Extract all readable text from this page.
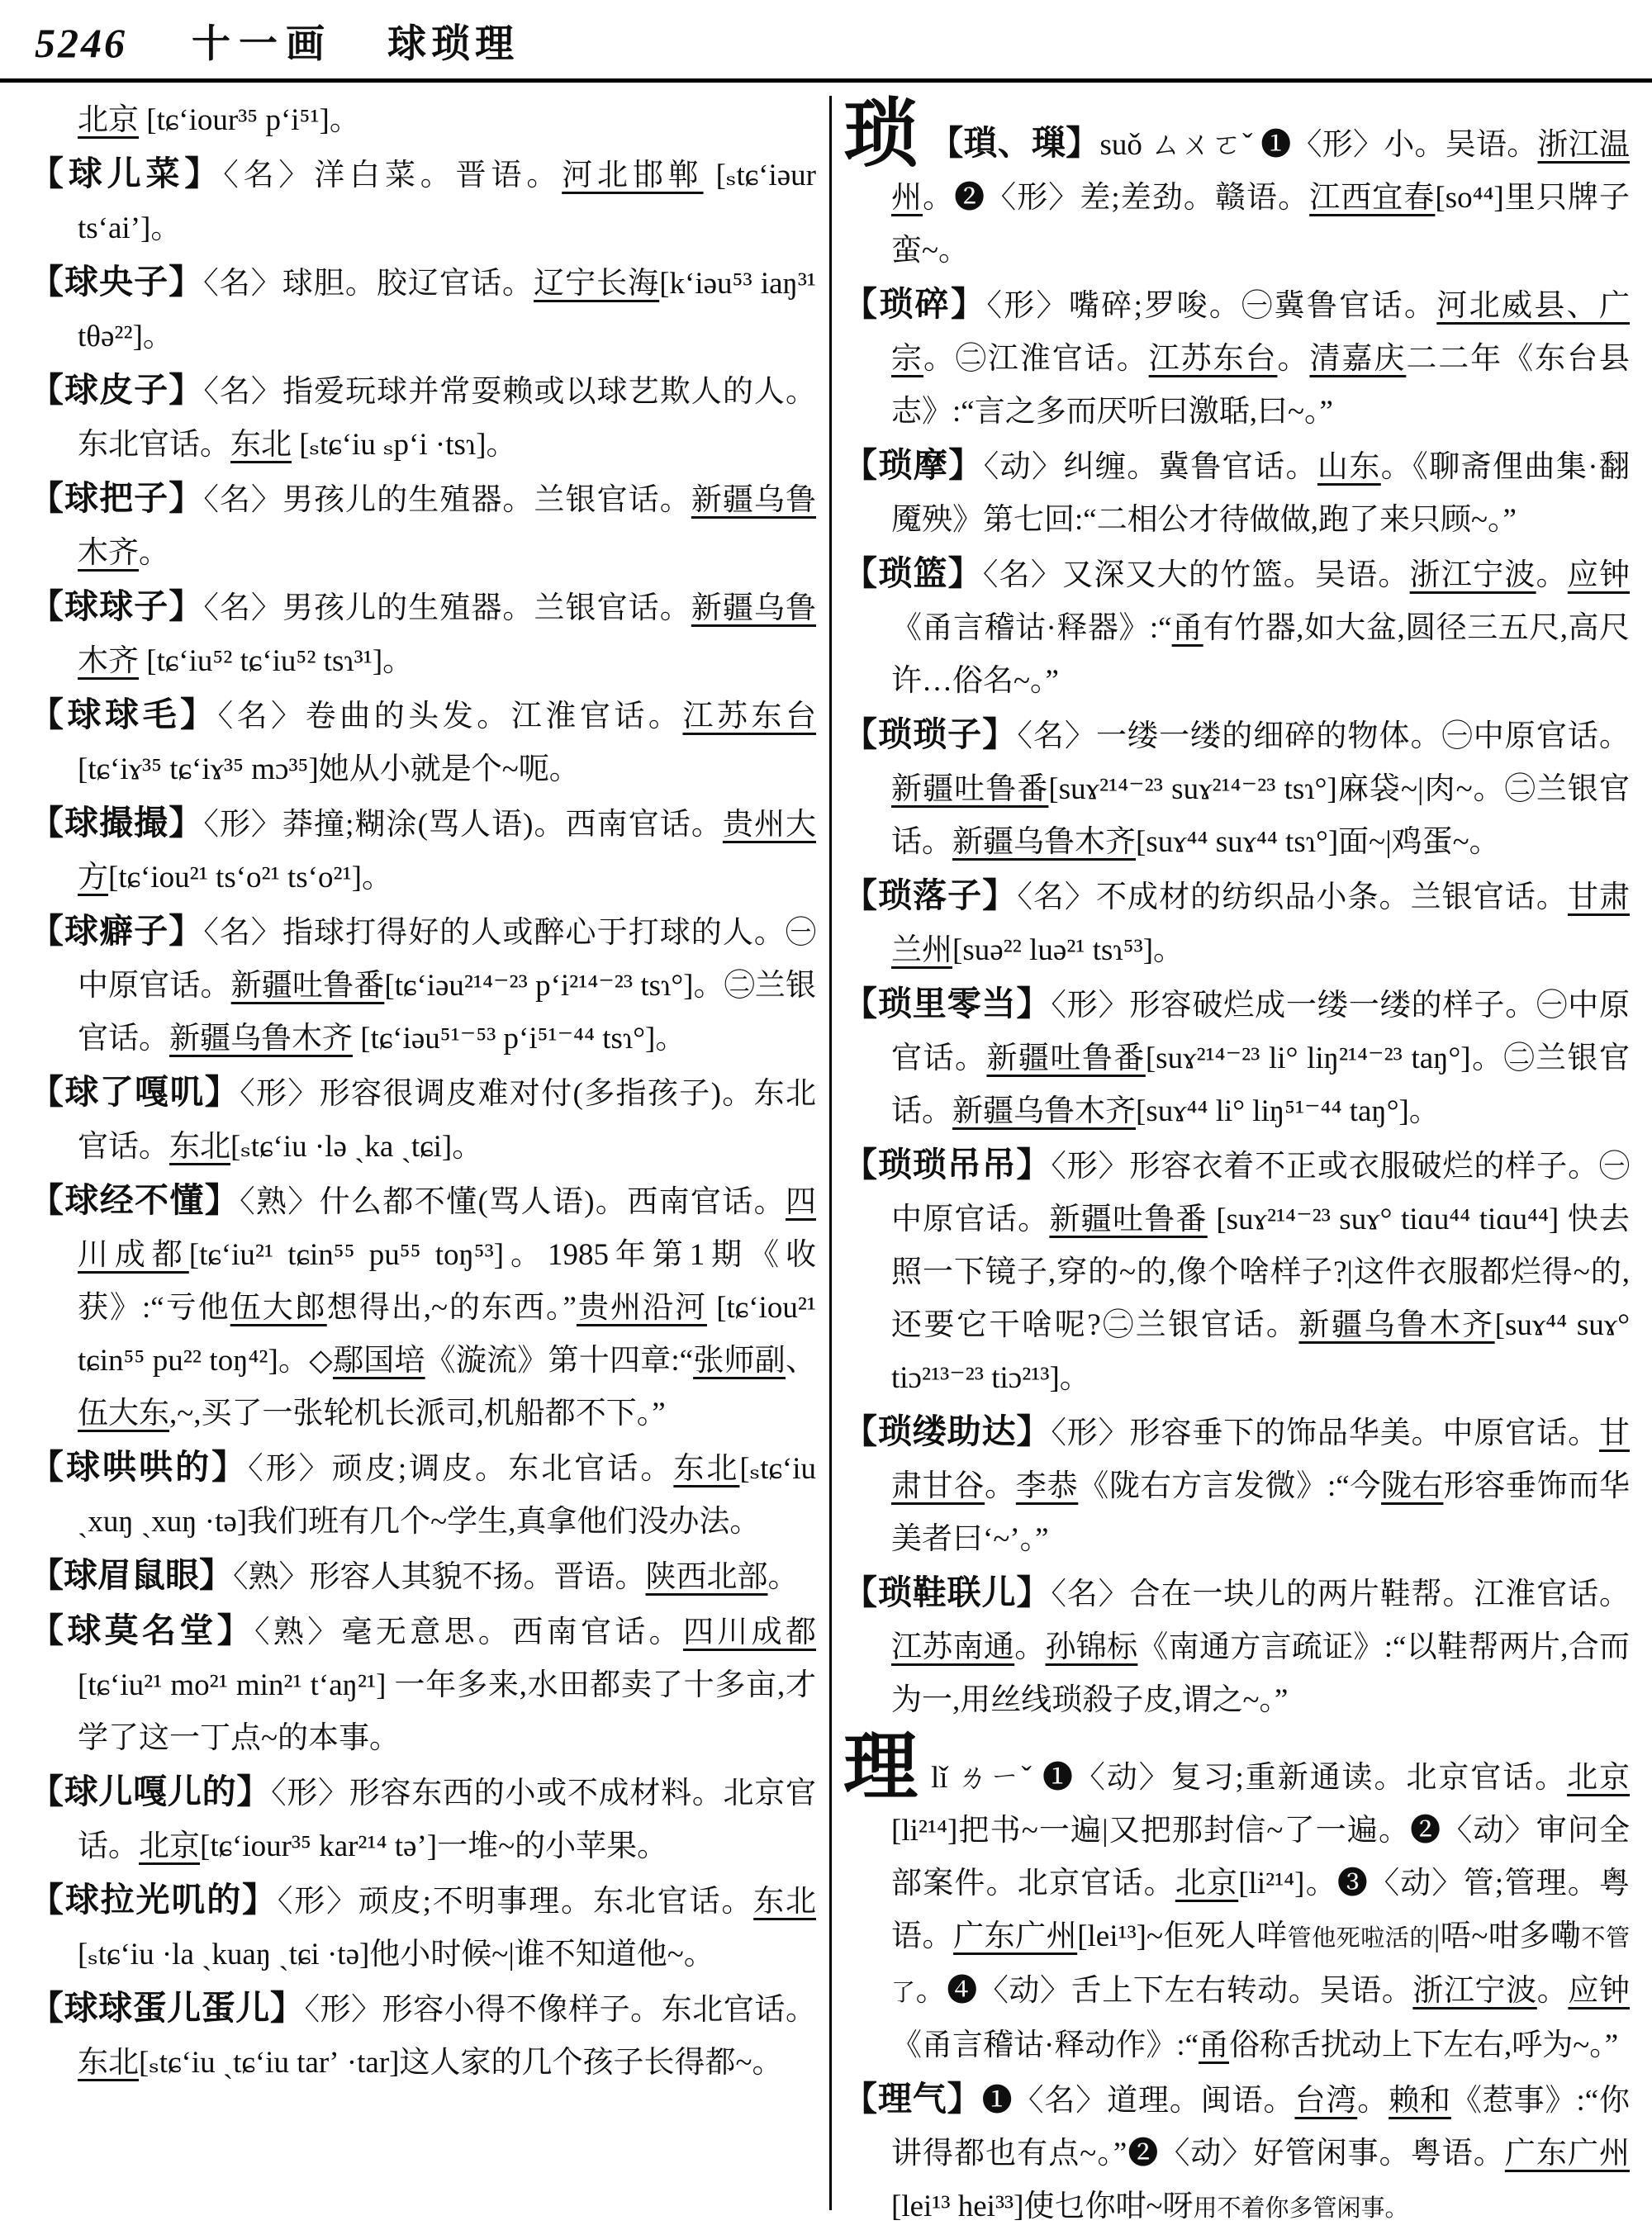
5246 十一画 球琐理

北京 [tɕ‘iour³⁵ p‘i⁵¹]。

【球儿菜】〈名〉洋白菜。晋语。河北邯郸 [ₛtɕ‘iəur ts‘aiʼ]。

【球央子】〈名〉球胆。胶辽官话。辽宁长海[k‘iəu⁵³ iaŋ³¹ tθə²²]。

【球皮子】〈名〉指爱玩球并常耍赖或以球艺欺人的人。东北官话。东北 [ₛtɕ‘iu ₛp‘i ·tsɿ]。

【球把子】〈名〉男孩儿的生殖器。兰银官话。新疆乌鲁木齐。

【球球子】〈名〉男孩儿的生殖器。兰银官话。新疆乌鲁木齐 [tɕ‘iu⁵² tɕ‘iu⁵² tsɿ³¹]。

【球球毛】〈名〉卷曲的头发。江淮官话。江苏东台 [tɕ‘iɤ³⁵ tɕ‘iɤ³⁵ mɔ³⁵]她从小就是个~呃。

【球撮撮】〈形〉莽撞;糊涂(骂人语)。西南官话。贵州大方[tɕ‘iou²¹ ts‘o²¹ ts‘o²¹]。

【球癖子】〈名〉指球打得好的人或醉心于打球的人。㊀中原官话。新疆吐鲁番[tɕ‘iəu²¹⁴⁻²³ p‘i²¹⁴⁻²³ tsɿ°]。㊁兰银官话。新疆乌鲁木齐 [tɕ‘iəu⁵¹⁻⁵³ p‘i⁵¹⁻⁴⁴ tsɿ°]。

【球了嘎叽】〈形〉形容很调皮难对付(多指孩子)。东北官话。东北[ₛtɕ‘iu ·lə ˏka ˏtɕi]。

【球经不懂】〈熟〉什么都不懂(骂人语)。西南官话。四川成都[tɕ‘iu²¹ tɕin⁵⁵ pu⁵⁵ toŋ⁵³]。1985年第1期《收获》:“亏他伍大郎想得出,~的东西。”贵州沿河 [tɕ‘iou²¹ tɕin⁵⁵ pu²² toŋ⁴²]。◇鄢国培《漩流》第十四章:“张师副、伍大东,~,买了一张轮机长派司,机船都不下。”

【球哄哄的】〈形〉顽皮;调皮。东北官话。东北[ₛtɕ‘iu ˏxuŋ ˏxuŋ ·tə]我们班有几个~学生,真拿他们没办法。

【球眉鼠眼】〈熟〉形容人其貌不扬。晋语。陕西北部。

【球莫名堂】〈熟〉毫无意思。西南官话。四川成都 [tɕ‘iu²¹ mo²¹ min²¹ t‘aŋ²¹] 一年多来,水田都卖了十多亩,才学了这一丁点~的本事。

【球儿嘎儿的】〈形〉形容东西的小或不成材料。北京官话。北京[tɕ‘iour³⁵ kar²¹⁴ təʼ]一堆~的小苹果。

【球拉光叽的】〈形〉顽皮;不明事理。东北官话。东北[ₛtɕ‘iu ·la ˏkuaŋ ˏtɕi ·tə]他小时候~|谁不知道他~。

【球球蛋儿蛋儿】〈形〉形容小得不像样子。东北官话。东北[ₛtɕ‘iu ˏtɕ‘iu tarʼ ·tar]这人家的几个孩子长得都~。

琐 【瑣、璅】suǒ ㄙㄨㄛˇ ❶〈形〉小。吴语。浙江温州。❷〈形〉差;差劲。赣语。江西宜春[so⁴⁴]里只牌子蛮~。

【琐碎】〈形〉嘴碎;罗唆。㊀冀鲁官话。河北威县、广宗。㊁江淮官话。江苏东台。清嘉庆二二年《东台县志》:“言之多而厌听曰激聒,曰~。”

【琐摩】〈动〉纠缠。冀鲁官话。山东。《聊斋俚曲集·翻魇殃》第七回:“二相公才待做做,跑了来只顾~。”

【琐篮】〈名〉又深又大的竹篮。吴语。浙江宁波。应钟《甬言稽诂·释器》:“甬有竹器,如大盆,圆径三五尺,高尺许…俗名~。”

【琐琐子】〈名〉一缕一缕的细碎的物体。㊀中原官话。新疆吐鲁番[suɤ²¹⁴⁻²³ suɤ²¹⁴⁻²³ tsɿ°]麻袋~|肉~。㊁兰银官话。新疆乌鲁木齐[suɤ⁴⁴ suɤ⁴⁴ tsɿ°]面~|鸡蛋~。

【琐落子】〈名〉不成材的纺织品小条。兰银官话。甘肃兰州[suə²² luə²¹ tsɿ⁵³]。

【琐里零当】〈形〉形容破烂成一缕一缕的样子。㊀中原官话。新疆吐鲁番[suɤ²¹⁴⁻²³ li° liŋ²¹⁴⁻²³ taŋ°]。㊁兰银官话。新疆乌鲁木齐[suɤ⁴⁴ li° liŋ⁵¹⁻⁴⁴ taŋ°]。

【琐琐吊吊】〈形〉形容衣着不正或衣服破烂的样子。㊀中原官话。新疆吐鲁番 [suɤ²¹⁴⁻²³ suɤ° tiɑu⁴⁴ tiɑu⁴⁴] 快去照一下镜子,穿的~的,像个啥样子?|这件衣服都烂得~的,还要它干啥呢?㊁兰银官话。新疆乌鲁木齐[suɤ⁴⁴ suɤ° tiɔ²¹³⁻²³ tiɔ²¹³]。

【琐缕助达】〈形〉形容垂下的饰品华美。中原官话。甘肃甘谷。李恭《陇右方言发微》:“今陇右形容垂饰而华美者曰‘~’。”

【琐鞋联儿】〈名〉合在一块儿的两片鞋帮。江淮官话。江苏南通。孙锦标《南通方言疏证》:“以鞋帮两片,合而为一,用丝线琐殺子皮,谓之~。”

理lǐ ㄌㄧˇ ❶〈动〉复习;重新通读。北京官话。北京[li²¹⁴]把书~一遍|又把那封信~了一遍。❷〈动〉审问全部案件。北京官话。北京[li²¹⁴]。❸〈动〉管;管理。粤语。广东广州[lei¹³]~佢死人咩管他死啦活的|唔~咁多嘞不管了。❹〈动〉舌上下左右转动。吴语。浙江宁波。应钟《甬言稽诂·释动作》:“甬俗称舌扰动上下左右,呼为~。”

【理气】❶〈名〉道理。闽语。台湾。赖和《惹事》:“你讲得都也有点~。”❷〈动〉好管闲事。粤语。广东广州[lei¹³ hei³³]使乜你咁~呀用不着你多管闲事。
